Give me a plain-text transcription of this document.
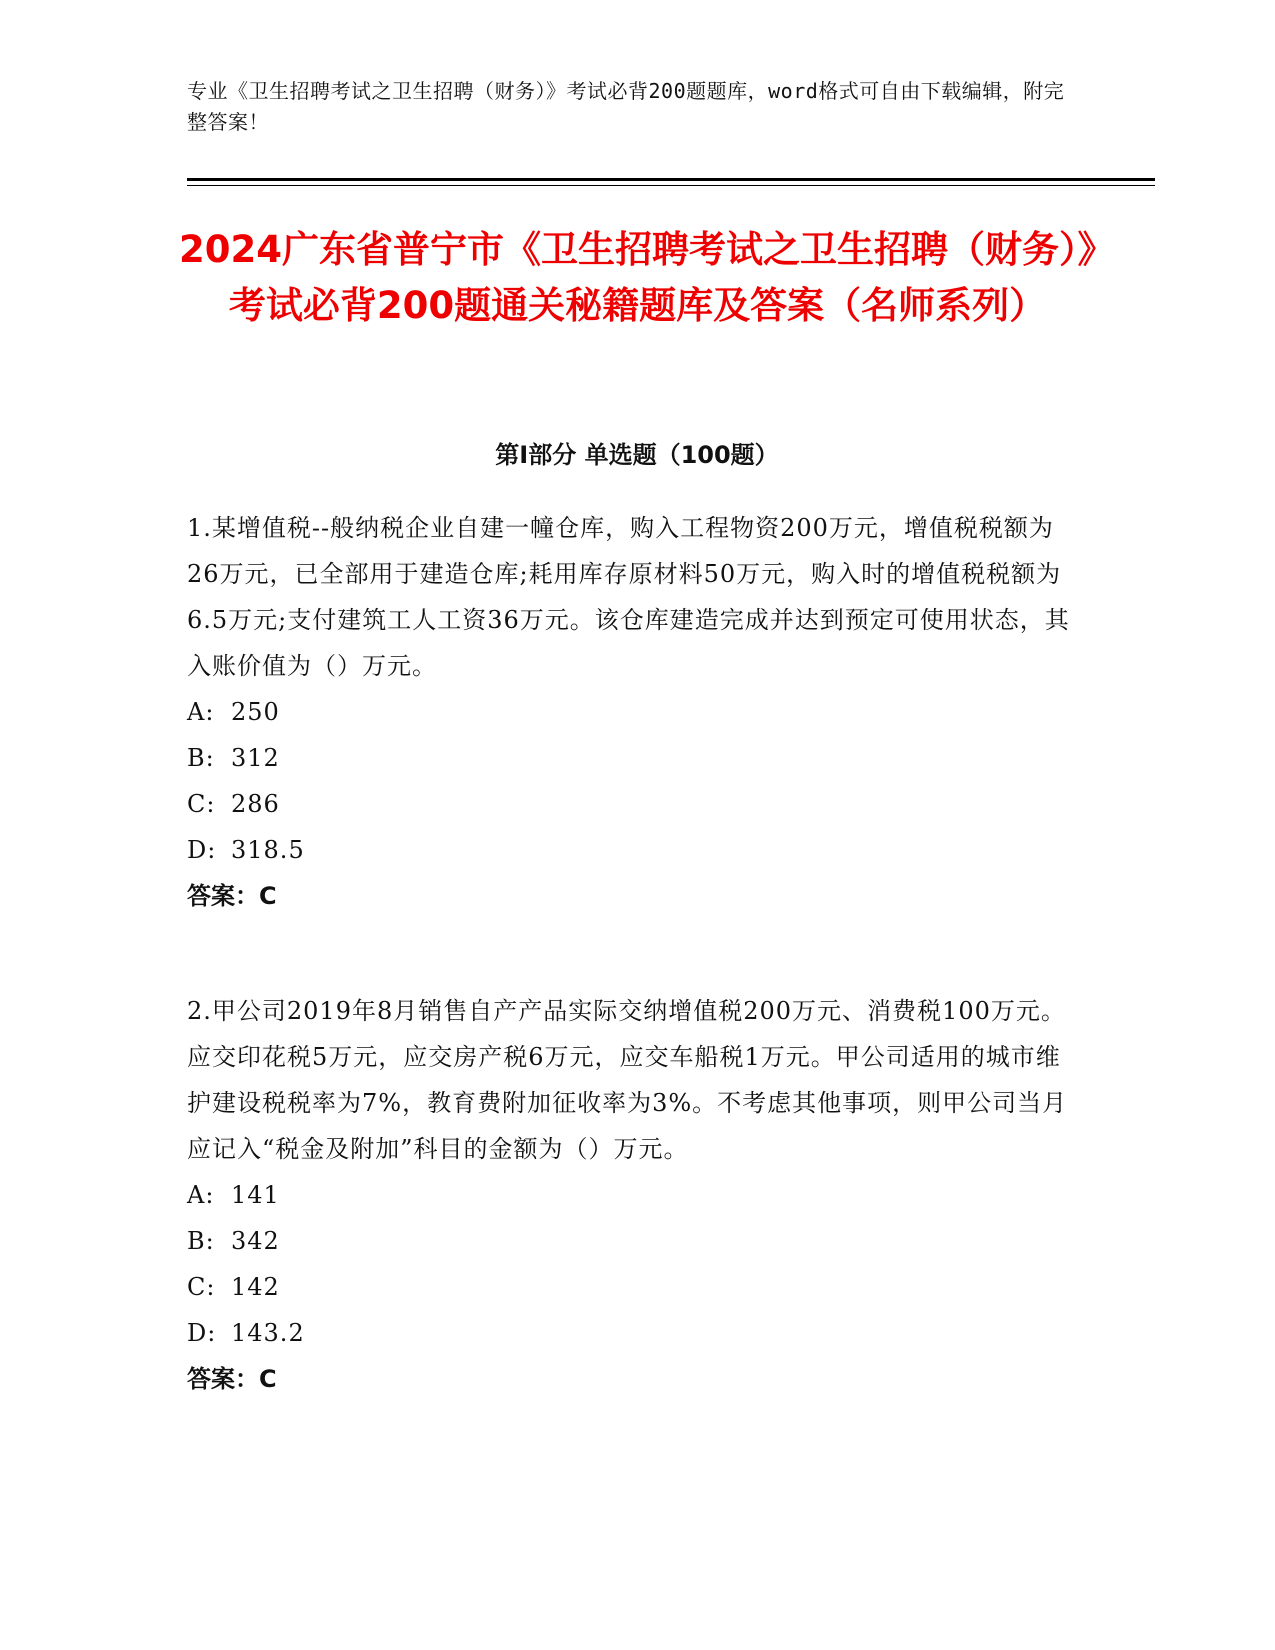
专业《卫生招聘考试之卫生招聘（财务）》考试必背200题题库，word格式可自由下载编辑，附完整答案！
2024广东省普宁市《卫生招聘考试之卫生招聘（财务）》考试必背200题通关秘籍题库及答案（名师系列）
第Ⅰ部分 单选题（100题）
1.某增值税--般纳税企业自建一幢仓库，购入工程物资200万元，增值税税额为26万元，已全部用于建造仓库;耗用库存原材料50万元，购入时的增值税税额为6.5万元;支付建筑工人工资36万元。该仓库建造完成并达到预定可使用状态，其入账价值为（）万元。
A: 250
B: 312
C: 286
D: 318.5
答案：C
2.甲公司2019年8月销售自产产品实际交纳增值税200万元、消费税100万元。应交印花税5万元，应交房产税6万元，应交车船税1万元。甲公司适用的城市维护建设税税率为7%，教育费附加征收率为3%。不考虑其他事项，则甲公司当月应记入“税金及附加”科目的金额为（）万元。
A: 141
B: 342
C: 142
D: 143.2
答案：C
